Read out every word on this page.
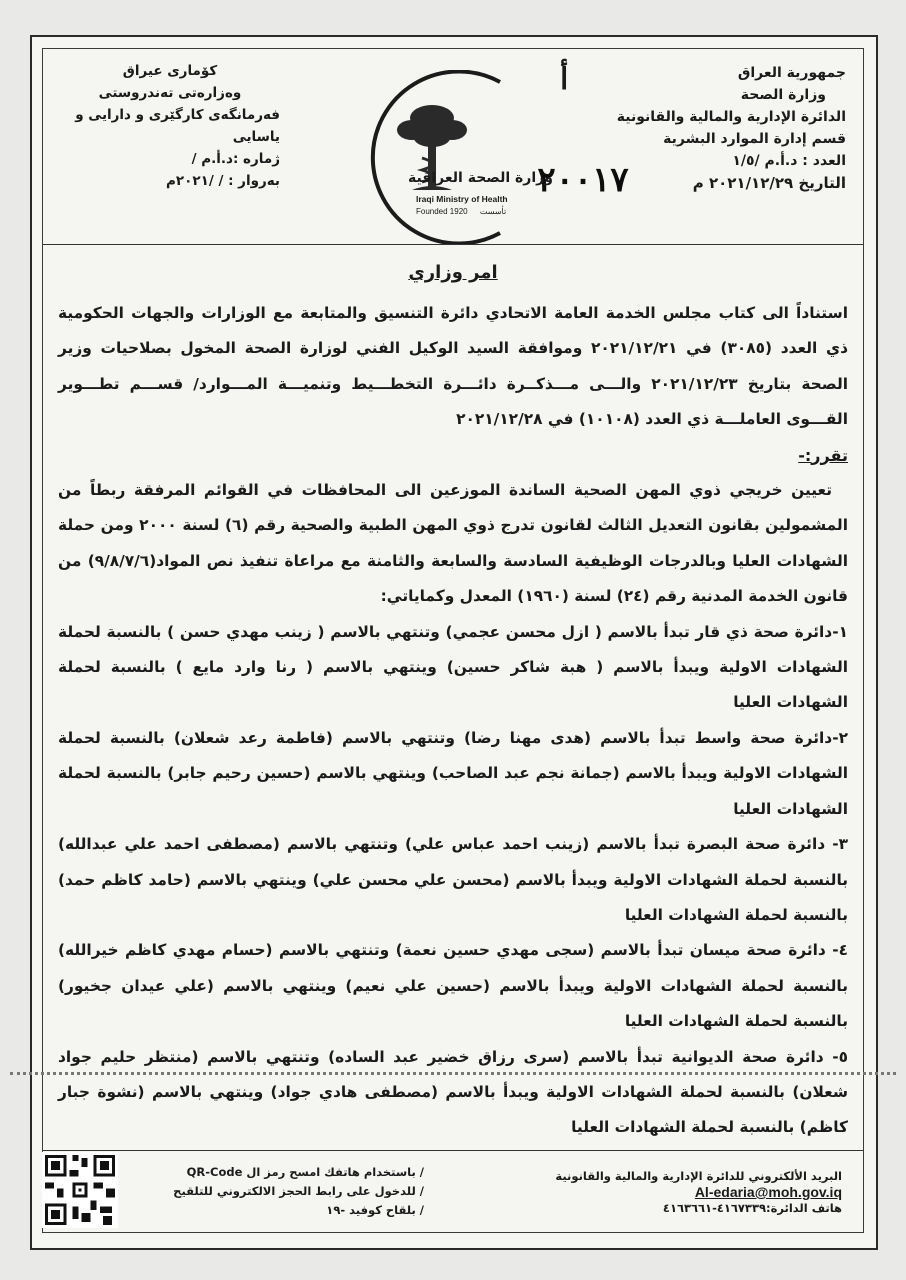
جمهورية العراق
وزارة الصحة
الدائرة الإدارية والمالية والقانونية
قسم إدارة الموارد البشرية
العدد : د.أ.م /١/٥
التاريخ ٢٠٢١/١٢/٢٩ م
كۆماری عیراق
وەزارەتی تەندروستی
فەرمانگەی کارگێری و دارایی و یاسایی
ژمارە :د.أ.م /
بەروار : / /٢٠٢١م
أ
٢٠٠١٧
وزارة الصحة العراقية
Iraqi Ministry of Health
Founded 1920 تأسست
امر وزاري

استناداً الى كتاب مجلس الخدمة العامة الاتحادي دائرة التنسيق والمتابعة مع الوزارات والجهات الحكومية ذي العدد (٣٠٨٥) في ٢٠٢١/١٢/٢١ وموافقة السيد الوكيل الفني لوزارة الصحة المخول بصلاحيات وزير الصحة بتاريخ ٢٠٢١/١٢/٢٣ والـــى مـــذكــرة دائـــرة التخطـــيط وتنميـــة المـــوارد/ قســـم تطـــوير القـــوى العاملـــة ذي العدد (١٠١٠٨) في ٢٠٢١/١٢/٢٨

تقرر:-

تعيين خريجي ذوي المهن الصحية الساندة الموزعين الى المحافظات في القوائم المرفقة ربطاً من المشمولين بقانون التعديل الثالث لقانون تدرج ذوي المهن الطبية والصحية رقم (٦) لسنة ٢٠٠٠ ومن حملة الشهادات العليا وبالدرجات الوظيفية السادسة والسابعة والثامنة مع مراعاة تنفيذ نص المواد(٩/٨/٧/٦) من قانون الخدمة المدنية رقم (٢٤) لسنة (١٩٦٠) المعدل وكماياتي:

١-دائرة صحة ذي قار تبدأ بالاسم ( ازل محسن عجمي) وتنتهي بالاسم ( زينب مهدي حسن ) بالنسبة لحملة الشهادات الاولية ويبدأ بالاسم ( هبة شاكر حسين) وينتهي بالاسم ( رنا وارد مايع ) بالنسبة لحملة الشهادات العليا

٢-دائرة صحة واسط تبدأ بالاسم (هدى مهنا رضا) وتنتهي بالاسم (فاطمة رعد شعلان) بالنسبة لحملة الشهادات الاولية ويبدأ بالاسم (جمانة نجم عبد الصاحب) وينتهي بالاسم (حسين رحيم جابر) بالنسبة لحملة الشهادات العليا

٣- دائرة صحة البصرة تبدأ بالاسم (زينب احمد عباس علي) وتنتهي بالاسم (مصطفى احمد علي عبدالله) بالنسبة لحملة الشهادات الاولية ويبدأ بالاسم (محسن علي محسن علي) وينتهي بالاسم (حامد كاظم حمد) بالنسبة لحملة الشهادات العليا

٤- دائرة صحة ميسان تبدأ بالاسم (سجى مهدي حسين نعمة) وتنتهي بالاسم (حسام مهدي كاظم خيرالله) بالنسبة لحملة الشهادات الاولية ويبدأ بالاسم (حسين علي نعيم) وينتهي بالاسم (علي عيدان جخيور) بالنسبة لحملة الشهادات العليا

٥- دائرة صحة الديوانية تبدأ بالاسم (سرى رزاق خضير عبد الساده) وتنتهي بالاسم (منتظر حليم جواد شعلان) بالنسبة لحملة الشهادات الاولية ويبدأ بالاسم (مصطفى هادي جواد) وينتهي بالاسم (نشوة جبار كاظم) بالنسبة لحملة الشهادات العليا

البريد الألكتروني للدائرة الإدارية والمالية والقانونية
Al-edaria@moh.gov.iq
هاتف الدائرة:٤١٦٧٣٣٩-٤١٦٣٦٦١
/ باستخدام هاتفك امسح رمز ال QR-Code
/ للدخول على رابط الحجز الالكتروني للتلقيح
/ بلقاح كوفيد -١٩
